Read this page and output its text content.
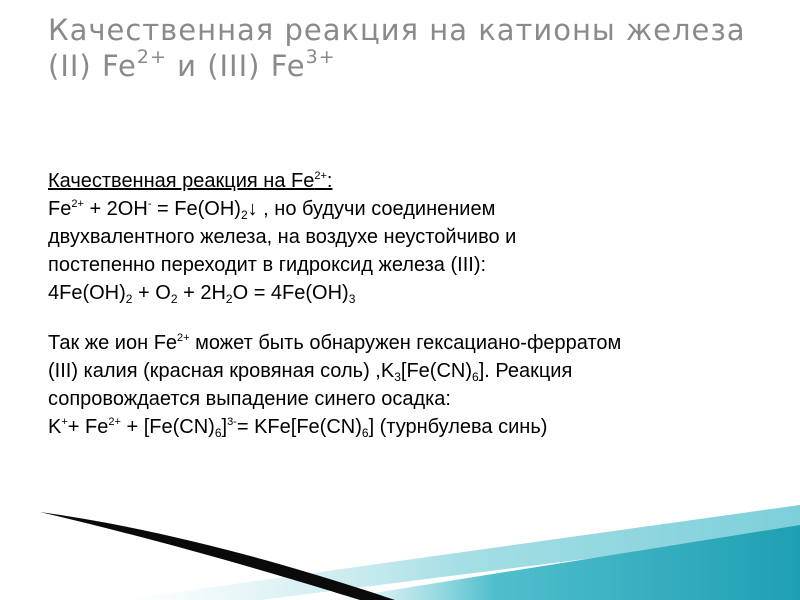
Качественная реакция на катионы железа
(II) $Fe^{2+}$ и (III) $Fe^{3+}$
Качественная реакция на $Fe^{2+}$:
$Fe^{2+} + 2OH^-$ = $Fe(OH)_2↓$ , но будучи соединением
двухвалентного железа, на воздухе неустойчиво и
постепенно переходит в гидроксид железа (III):
$4Fe(OH)_2 + O_2 + 2H_2O = 4Fe(OH)_3$
Так же ион $Fe^{2+}$ может быть обнаружен гексациано-ферратом
(III) калия (красная кровяная соль) $,K_3[Fe(CN)_6]$. Реакция
сопровождается выпадение синего осадка:
$K^++ Fe^{2+} + [Fe(CN)_6]^{3-}= KFe[Fe(CN)_6]$ (турнбулева синь)
